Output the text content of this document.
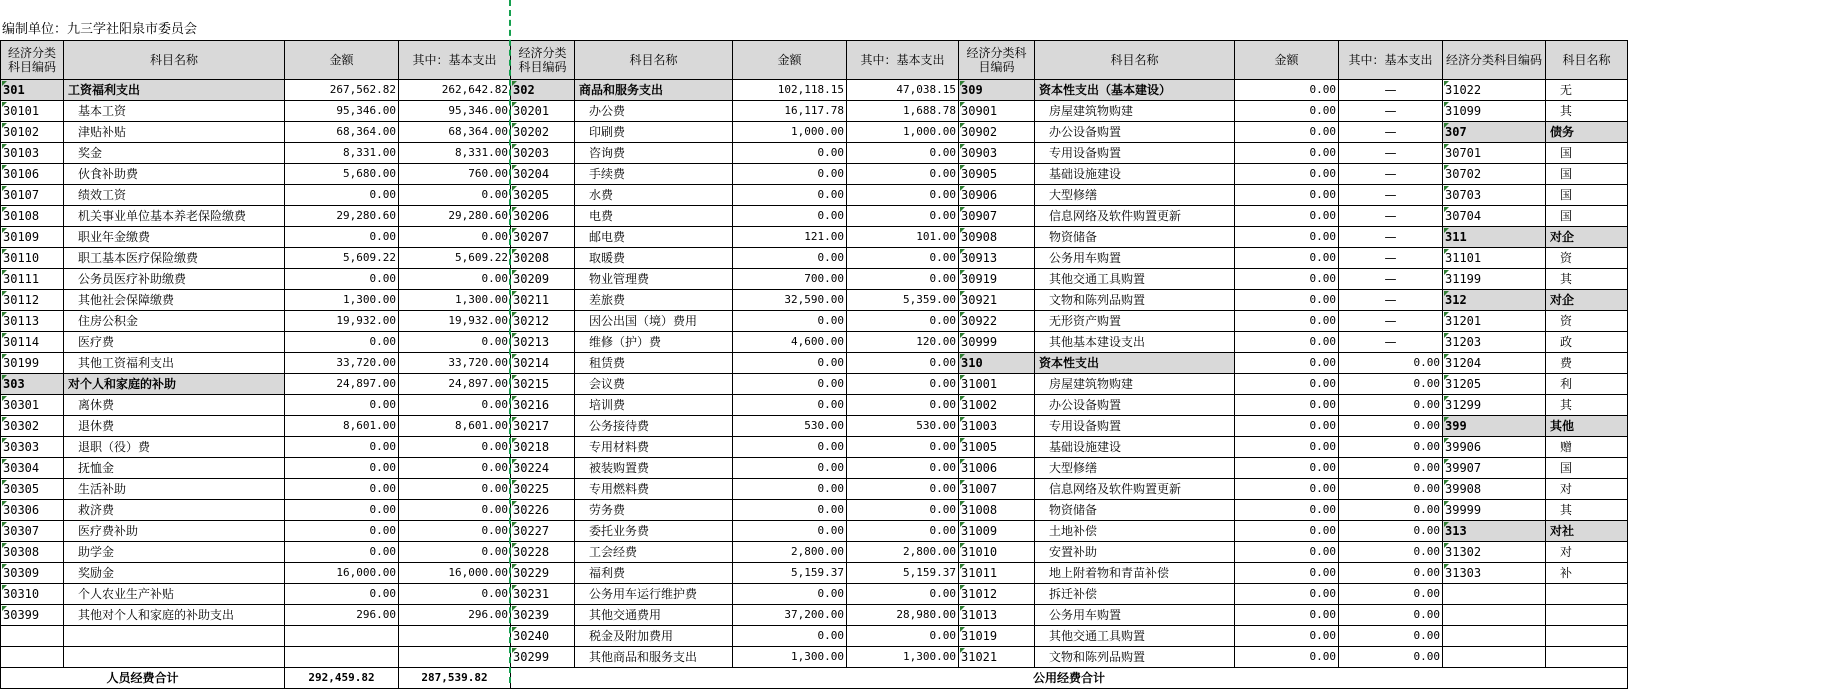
编制单位：九三学社阳泉市委员会
经济分类科目编码	科目名称	金额	其中：基本支出	经济分类科目编码	科目名称	金额	其中：基本支出	经济分类科目编码	科目名称	金额	其中：基本支出	经济分类科目编码	科目名称
301	工资福利支出	267,562.82	262,642.82	302	商品和服务支出	102,118.15	47,038.15	309	资本性支出（基本建设）	0.00	—	31022	无
30101	基本工资	95,346.00	95,346.00	30201	办公费	16,117.78	1,688.78	30901	房屋建筑物购建	0.00	—	31099	其
30102	津贴补贴	68,364.00	68,364.00	30202	印刷费	1,000.00	1,000.00	30902	办公设备购置	0.00	—	307	债务
30103	奖金	8,331.00	8,331.00	30203	咨询费	0.00	0.00	30903	专用设备购置	0.00	—	30701	国
30106	伙食补助费	5,680.00	760.00	30204	手续费	0.00	0.00	30905	基础设施建设	0.00	—	30702	国
30107	绩效工资	0.00	0.00	30205	水费	0.00	0.00	30906	大型修缮	0.00	—	30703	国
30108	机关事业单位基本养老保险缴费	29,280.60	29,280.60	30206	电费	0.00	0.00	30907	信息网络及软件购置更新	0.00	—	30704	国
30109	职业年金缴费	0.00	0.00	30207	邮电费	121.00	101.00	30908	物资储备	0.00	—	311	对企
30110	职工基本医疗保险缴费	5,609.22	5,609.22	30208	取暖费	0.00	0.00	30913	公务用车购置	0.00	—	31101	资
30111	公务员医疗补助缴费	0.00	0.00	30209	物业管理费	700.00	0.00	30919	其他交通工具购置	0.00	—	31199	其
30112	其他社会保障缴费	1,300.00	1,300.00	30211	差旅费	32,590.00	5,359.00	30921	文物和陈列品购置	0.00	—	312	对企
30113	住房公积金	19,932.00	19,932.00	30212	因公出国（境）费用	0.00	0.00	30922	无形资产购置	0.00	—	31201	资
30114	医疗费	0.00	0.00	30213	维修（护）费	4,600.00	120.00	30999	其他基本建设支出	0.00	—	31203	政
30199	其他工资福利支出	33,720.00	33,720.00	30214	租赁费	0.00	0.00	310	资本性支出	0.00	0.00	31204	费
303	对个人和家庭的补助	24,897.00	24,897.00	30215	会议费	0.00	0.00	31001	房屋建筑物购建	0.00	0.00	31205	利
30301	离休费	0.00	0.00	30216	培训费	0.00	0.00	31002	办公设备购置	0.00	0.00	31299	其
30302	退休费	8,601.00	8,601.00	30217	公务接待费	530.00	530.00	31003	专用设备购置	0.00	0.00	399	其他
30303	退职（役）费	0.00	0.00	30218	专用材料费	0.00	0.00	31005	基础设施建设	0.00	0.00	39906	赠
30304	抚恤金	0.00	0.00	30224	被装购置费	0.00	0.00	31006	大型修缮	0.00	0.00	39907	国
30305	生活补助	0.00	0.00	30225	专用燃料费	0.00	0.00	31007	信息网络及软件购置更新	0.00	0.00	39908	对
30306	救济费	0.00	0.00	30226	劳务费	0.00	0.00	31008	物资储备	0.00	0.00	39999	其
30307	医疗费补助	0.00	0.00	30227	委托业务费	0.00	0.00	31009	土地补偿	0.00	0.00	313	对社
30308	助学金	0.00	0.00	30228	工会经费	2,800.00	2,800.00	31010	安置补助	0.00	0.00	31302	对
30309	奖励金	16,000.00	16,000.00	30229	福利费	5,159.37	5,159.37	31011	地上附着物和青苗补偿	0.00	0.00	31303	补
30310	个人农业生产补贴	0.00	0.00	30231	公务用车运行维护费	0.00	0.00	31012	拆迁补偿	0.00	0.00		
30399	其他对个人和家庭的补助支出	296.00	296.00	30239	其他交通费用	37,200.00	28,980.00	31013	公务用车购置	0.00	0.00		
				30240	税金及附加费用	0.00	0.00	31019	其他交通工具购置	0.00	0.00		
				30299	其他商品和服务支出	1,300.00	1,300.00	31021	文物和陈列品购置	0.00	0.00		
人员经费合计		292,459.82	287,539.82	公用经费合计									
